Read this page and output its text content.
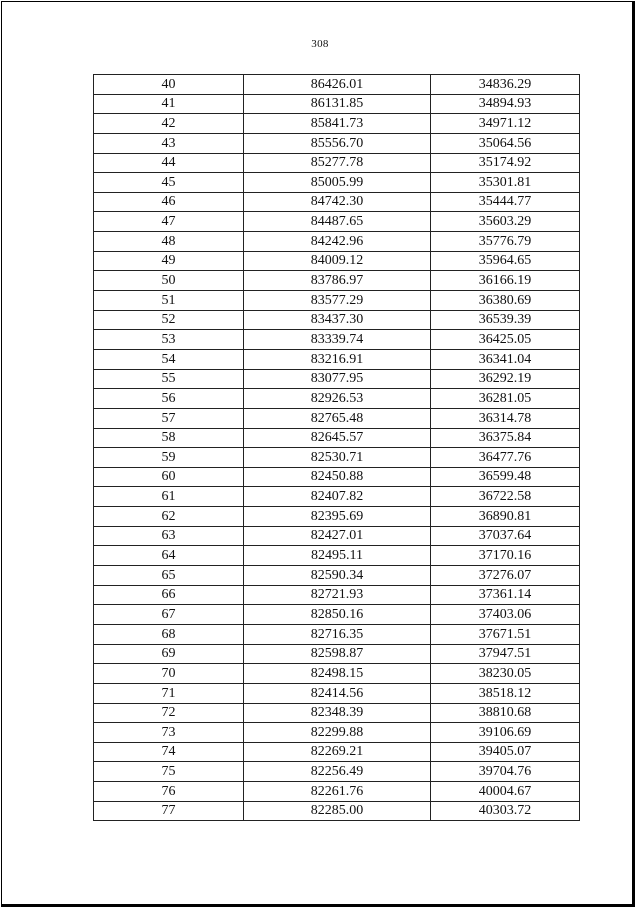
308
40	86426.01	34836.29
41	86131.85	34894.93
42	85841.73	34971.12
43	85556.70	35064.56
44	85277.78	35174.92
45	85005.99	35301.81
46	84742.30	35444.77
47	84487.65	35603.29
48	84242.96	35776.79
49	84009.12	35964.65
50	83786.97	36166.19
51	83577.29	36380.69
52	83437.30	36539.39
53	83339.74	36425.05
54	83216.91	36341.04
55	83077.95	36292.19
56	82926.53	36281.05
57	82765.48	36314.78
58	82645.57	36375.84
59	82530.71	36477.76
60	82450.88	36599.48
61	82407.82	36722.58
62	82395.69	36890.81
63	82427.01	37037.64
64	82495.11	37170.16
65	82590.34	37276.07
66	82721.93	37361.14
67	82850.16	37403.06
68	82716.35	37671.51
69	82598.87	37947.51
70	82498.15	38230.05
71	82414.56	38518.12
72	82348.39	38810.68
73	82299.88	39106.69
74	82269.21	39405.07
75	82256.49	39704.76
76	82261.76	40004.67
77	82285.00	40303.72
